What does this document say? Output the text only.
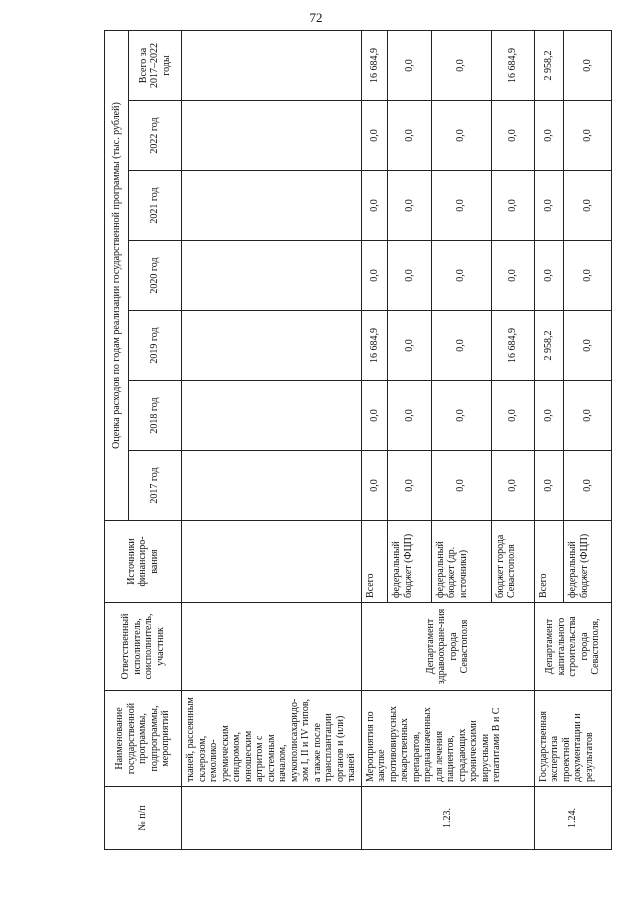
72
№ п/п	Наименование государственной программы, подпрограммы, мероприятий	Ответственный исполнитель, соисполнитель, участник	Источники финансиро-вания	Оценка расходов по годам реализации государственной программы (тыс. рублей)						
				2017 год	2018 год	2019 год	2020 год	2021 год	2022 год	Всего за 2017–2022 годы
	тканей, рассеянным склерозом, гемолико-уремическим синдромом, юношеским артритом с системным началом, мукополисахаридо-зом I, II и IV типов, а также после трансплантации органов и (или) тканей									
1.23.	Мероприятия по закупке противовирусных лекарственных препаратов, предназначенных для лечения пациентов, страдающих хроническими вирусными гепатитами В и С	Департамент здравоохране-ния города Севастополя	Всего	0,0	0,0	16 684,9	0,0	0,0	0,0	16 684,9
			федеральный бюджет (ФЦП)	0,0	0,0	0,0	0,0	0,0	0,0	0,0
			федеральный бюджет (др. источники)	0,0	0,0	0,0	0,0	0,0	0,0	0,0
			бюджет города Севастополя	0,0	0,0	16 684,9	0,0	0,0	0,0	16 684,9
1.24.	Государственная экспертиза проектной документации и результатов	Департамент капитального строительства города Севастополя,	Всего	0,0	0,0	2 958,2	0,0	0,0	0,0	2 958,2
			федеральный бюджет (ФЦП)	0,0	0,0	0,0	0,0	0,0	0,0	0,0
